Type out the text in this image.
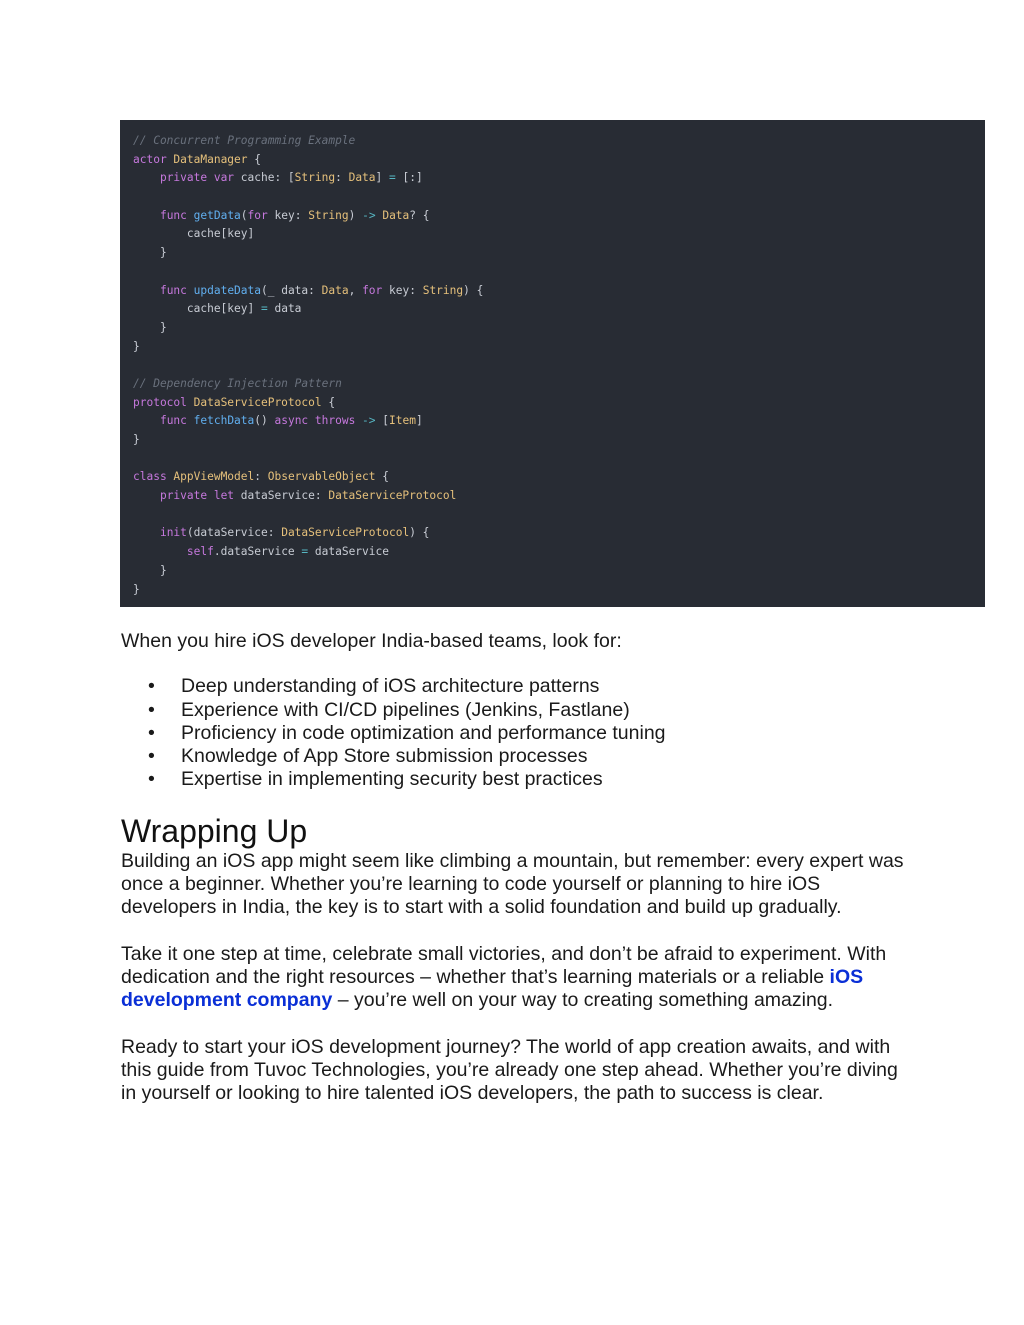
// Concurrent Programming Example
actor DataManager {
private var cache: [String: Data] = [:]
func getData(for key: String) -> Data? {
cache[key]
}
func updateData(_ data: Data, for key: String) {
cache[key] = data
}
}
// Dependency Injection Pattern
protocol DataServiceProtocol {
func fetchData() async throws -> [Item]
}
class AppViewModel: ObservableObject {
private let dataService: DataServiceProtocol
init(dataService: DataServiceProtocol) {
self.dataService = dataService
}
}

When you hire iOS developer India-based teams, look for:

• Deep understanding of iOS architecture patterns
• Experience with CI/CD pipelines (Jenkins, Fastlane)
• Proficiency in code optimization and performance tuning
• Knowledge of App Store submission processes
• Expertise in implementing security best practices
Wrapping Up

Building an iOS app might seem like climbing a mountain, but remember: every expert was once a beginner. Whether you’re learning to code yourself or planning to hire iOS developers in India, the key is to start with a solid foundation and build up gradually.

Take it one step at time, celebrate small victories, and don’t be afraid to experiment. With dedication and the right resources – whether that’s learning materials or a reliable iOS development company – you’re well on your way to creating something amazing.

Ready to start your iOS development journey? The world of app creation awaits, and with this guide from Tuvoc Technologies, you’re already one step ahead. Whether you’re diving in yourself or looking to hire talented iOS developers, the path to success is clear.
